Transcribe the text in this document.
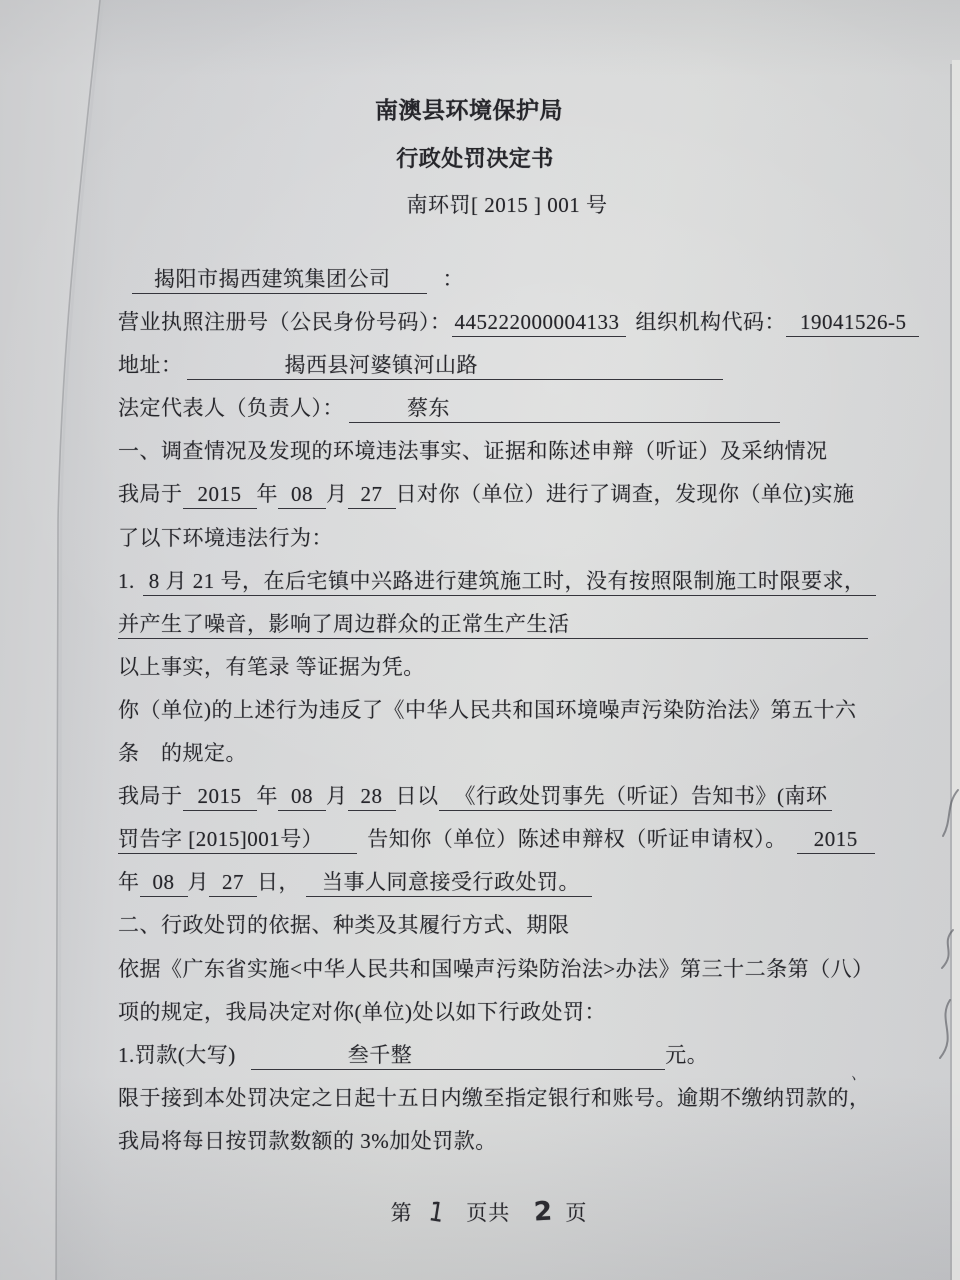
南澳县环境保护局
行政处罚决定书
南环罚[ 2015 ] 001 号

揭阳市揭西建筑集团公司 ：

营业执照注册号（公民身份号码）： 445222000004133 组织机构代码： 19041526-5

地址：	揭西县河婆镇河山路

法定代表人（负责人）：	蔡东

一、调查情况及发现的环境违法事实、证据和陈述申辩（听证）及采纳情况

我局于 2015 年 08 月 27 日对你（单位）进行了调查，发现你（单位)实施

了以下环境违法行为：

1. 8 月 21 号，在后宅镇中兴路进行建筑施工时，没有按照限制施工时限要求，

并产生了噪音，影响了周边群众的正常生产生活

以上事实，有笔录 等证据为凭。

你（单位)的上述行为违反了《中华人民共和国环境噪声污染防治法》第五十六

条　的规定。

我局于 2015 年 08 月 28 日以 《行政处罚事先（听证）告知书》(南环

罚告字 [2015]001号） 告知你（单位）陈述申辩权（听证申请权）。 2015

年 08 月 27 日， 当事人同意接受行政处罚。

二、行政处罚的依据、种类及其履行方式、期限

依据《广东省实施<中华人民共和国噪声污染防治法>办法》第三十二条第（八）

项的规定，我局决定对你(单位)处以如下行政处罚：

1.罚款(大写)	叁千整	元。

限于接到本处罚决定之日起十五日内缴至指定银行和账号。逾期不缴纳罚款的，

我局将每日按罚款数额的 3%加处罚款。

、
第 1 页共 2 页
